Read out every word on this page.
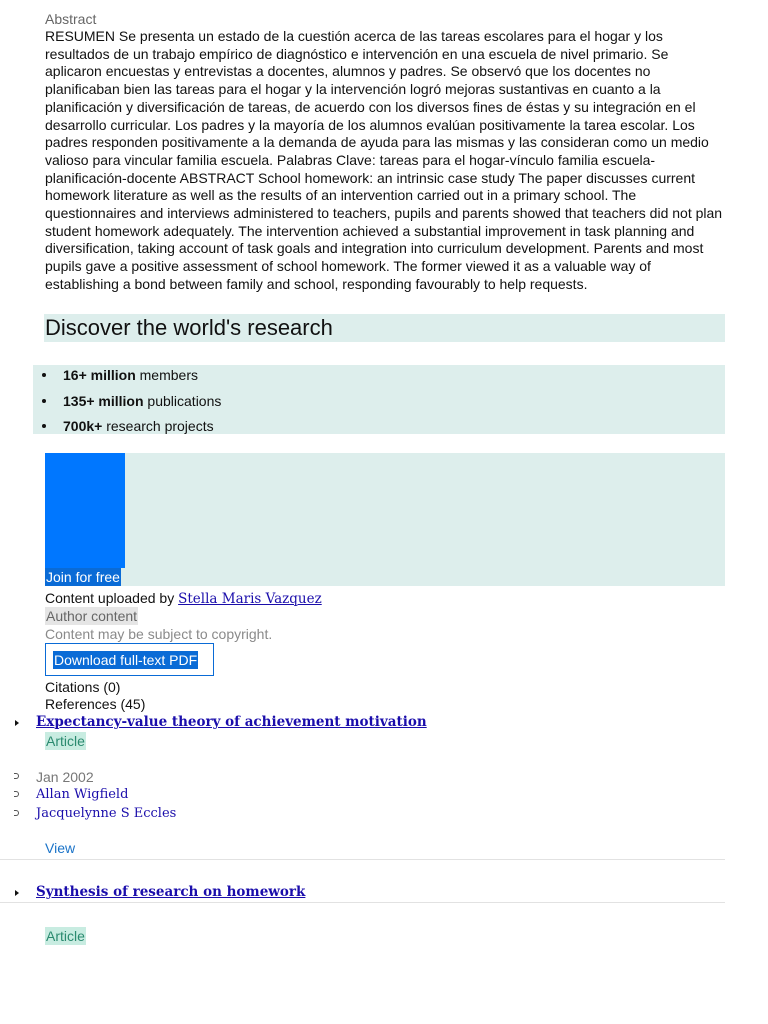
Abstract

RESUMEN Se presenta un estado de la cuestión acerca de las tareas escolares para el hogar y los resultados de un trabajo empírico de diagnóstico e intervención en una escuela de nivel primario. Se aplicaron encuestas y entrevistas a docentes, alumnos y padres. Se observó que los docentes no planificaban bien las tareas para el hogar y la intervención logró mejoras sustantivas en cuanto a la planificación y diversificación de tareas, de acuerdo con los diversos fines de éstas y su integración en el desarrollo curricular. Los padres y la mayoría de los alumnos evalúan positivamente la tarea escolar. Los padres responden positivamente a la demanda de ayuda para las mismas y las consideran como un medio valioso para vincular familia escuela. Palabras Clave: tareas para el hogar-vínculo familia escuela-planificación-docente ABSTRACT School homework: an intrinsic case study The paper discusses current homework literature as well as the results of an intervention carried out in a primary school. The questionnaires and interviews administered to teachers, pupils and parents showed that teachers did not plan student homework adequately. The intervention achieved a substantial improvement in task planning and diversification, taking account of task goals and integration into curriculum development. Parents and most pupils gave a positive assessment of school homework. The former viewed it as a valuable way of establishing a bond between family and school, responding favourably to help requests.

Discover the world's research
16+ million members
135+ million publications
700k+ research projects
Join for free
Content uploaded by Stella Maris Vazquez
Author content
Content may be subject to copyright.
Download full-text PDF
Citations (0)
References (45)
Expectancy-value theory of achievement motivation
Article
Jan 2002
Allan Wigfield
Jacquelynne S Eccles
View
Synthesis of research on homework
Article
